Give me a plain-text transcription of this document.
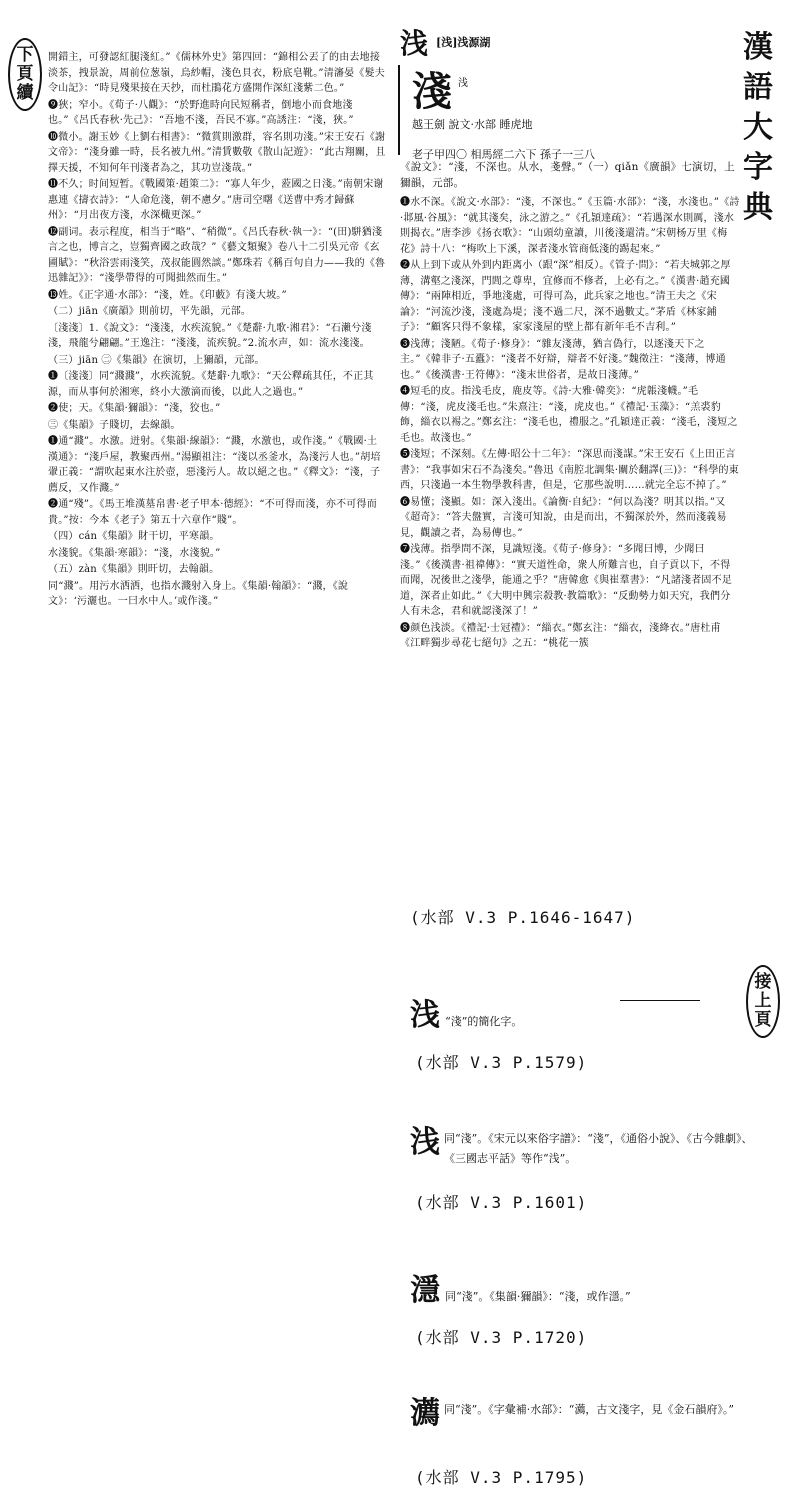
下頁續

開錯主，可發認紅腿淺紅。”《儒林外史》第四回：“錦相公丟了的由去地接淡茶，拽景說，周前位葱嶺，烏紗帽，淺色貝衣，粉底皂靴。”清瀋晏《髮夫令山記》：“時見殘果接在天抄，而杜鵑花方盛開作深紅淺紫二色。”

❾狹；窄小。《荀子·八觀》：“於野進時向民短稱者，倒地小而食地淺也。”《呂氏春秋·先己》：“吾地不淺，吾民不寡。”高誘注：“淺，狹。”

❿微小。謝玉妙《上劉右相書》：“微賞則激群，容名則功淺。”宋王安石《謝文帝》：“淺身雖一時，長名被九州。”清賃數敬《散山記遊》：“此古翔關，且擇天援，不知何年刊淺者為之，其功豈淺哉。”

⓫不久；时间短暂。《戰國策·趙策二》：“寡人年少，蒞國之日淺。”南朝宋谢惠連《擣衣詩》：“人命危淺，朝不慮夕。”唐司空曙《送曹中秀才歸蘇州》：“月出夜方淺，水深檝更深。”

⓬副词。表示程度，相当于“略”、“稍微”。《呂氏春秋·執一》：“(田)駢猶淺言之也，博言之，豈獨齊國之政哉？”《藝文類聚》卷八十二引吳元帝《玄圃賦》：“秋浴雲雨淺笑，茂叔能圓然談。”鄭珠若《稱百句自力——我的《魯迅雜記》》：“淺學帶得的可聞拙然而生。”

⓭姓。《正字通·水部》：“淺，姓。《印藪》有淺大坡。”

（二）jiān《廣韻》則前切，平先韻，元部。

〔淺淺〕1.《說文》：“淺淺，水疾流貌。”《楚辭·九歌·湘君》：“石瀨兮淺淺，飛龍兮翩翩。”王逸注：“淺淺，流疾貌。”2.流水声，如：流水淺淺。

（三）jiān ㊁《集韻》在演切，上獮韻，元部。

❶〔淺淺〕同“濺濺”，水疾流貌。《楚辭·九歌》：“天公釋疏其任，不正其源，而从事何於湘寒，終小大激滴而後，以此人之過也。”

❷使；天。《集韻·獮韻》：“淺，狡也。”

㊂《集韻》子賤切，去線韻。

❶通“濺”。水激。迸射。《集韻·線韻》：“濺，水激也，或作淺。”《戰國·土漢通》：“淺戶屋，教聚西州。”湯顯祖注：“淺以丞釜水，為淺污人也。”胡培翬正義：“謂吹起東水注於壺，惡淺污人。故以絕之也。”《釋文》：“淺，子薦反，又作濺。”

❷通“殘”。《馬王堆漢墓帛書·老子甲本·德經》：“不可得而淺，亦不可得而貴。”按：今本《老子》第五十六章作“賤”。

（四）cán《集韻》財干切，平寒韻。

水淺貌。《集韻·寒韻》：“淺，水淺貌。”

（五）zàn《集韻》則旰切，去翰韻。

同“濺”。用污水洒洒，也指水濺射入身上。《集韻·翰韻》：“濺，《說文》：‘污灑也。一曰水中人。’或作淺。”

漢語大字典
浅 [浅]浅源湖
淺 浅
越王劍 說文·水部 睡虎地
老子甲四〇 相馬經二六下 孫子一三八

《說文》：“淺，不深也。从水，戔聲。”（一）qiǎn《廣韻》七演切，上獮韻，元部。

❶水不深。《說文·水部》：“淺，不深也。”《玉篇·水部》：“淺，水淺也。”《詩·邶風·谷風》：“就其淺矣，泳之游之。”《孔頴達疏》：“若遇深水則厲，淺水則揭衣。”唐李涉《扬衣歌》：“山頭幼童讀，川後淺還清。”宋朝杨万里《梅花》詩十八：“梅吹上下溪，深者淺水管商低淺的踢起來。”

❷从上到下或从外到内距离小（跟“深”相反）。《管子·問》：“若夫城郭之厚薄，溝壑之淺深，門閭之尊卑，宜修而不修者，上必有之。”《漢書·趙充國傳》：“兩陣相近，爭地淺處，可得可為，此兵家之地也。”清王夫之《宋論》：“河流沙淺，淺處為堤；淺不過二尺，深不過數丈。”茅盾《林家鋪子》：“顧客只得不象樣，家家淺屋的壁上都有新年毛不吉利。”

❸浅薄；淺陋。《荀子·修身》：“雜友淺薄，猶言偽行，以逐淺天下之主。”《韓非子·五蠹》：“淺者不好辯，辯者不好淺。”魏徵注：“淺薄，博通也。”《後漢書·王符傳》：“淺末世俗者，是故日淺薄。”

❹短毛的皮。指浅毛皮，鹿皮等。《詩·大雅·韓奕》：“虎韔淺幭。”毛傳：“淺，虎皮淺毛也。”朱熹注：“淺，虎皮也。”《禮記·玉藻》：“羔裘豹飾，緇衣以裼之。”鄭玄注：“淺毛也，禮服之。”孔穎達正義：“淺毛，淺短之毛也。故淺也。”

❺淺短；不深刻。《左傳·昭公十二年》：“深思而淺謀。”宋王安石《上田正言書》：“我事如宋石不為淺矣。”魯迅《南腔北調集·關於翻譯(三)》：“科學的東西，只淺過一本生物學教科書，但是，它那些說明……就完全忘不掉了。”

❻易懂；淺顯。如：深入淺出。《論衡·自紀》：“何以為淺？明其以指。”又《超奇》：“答夫盤實，言淺可知說，由是而出，不獨深於外，然而淺義易見，觀讀之者，為易傳也。”

❼浅薄。指學問不深，見識短淺。《荀子·修身》：“多聞曰博，少聞曰淺。”《後漢書·祖禕傳》：“實天道性命，衆人所難言也，自子貢以下，不得而聞，况後世之淺學，能通之乎？”唐韓愈《與崔羣書》：“凡諸淺者固不足道，深者止如此。”《大明中興宗殺教·教篇歌》：“反動勢力如天究，我們分人有未念，君和就認淺深了！”

❽颜色浅淡。《禮記·士冠禮》：“緇衣。”鄭玄注：“緇衣，淺絳衣。”唐杜甫《江畔獨步尋花七絕句》之五：“桃花一簇

(水部 V.3 P.1646-1647)
接上頁
浅 “淺”的簡化字。
(水部 V.3 P.1579)
浅 同“淺”。《宋元以來俗字譜》：“淺”，《通俗小說》、《古今雜劇》、《三國志平話》等作“浅”。
(水部 V.3 P.1601)
濦 同“淺”。《集韻·獮韻》：“淺，或作濦。”
(水部 V.3 P.1720)
瀳 同“淺”。《字彙補·水部》：“瀳，古文淺字，見《金石韻府》。”
(水部 V.3 P.1795)
